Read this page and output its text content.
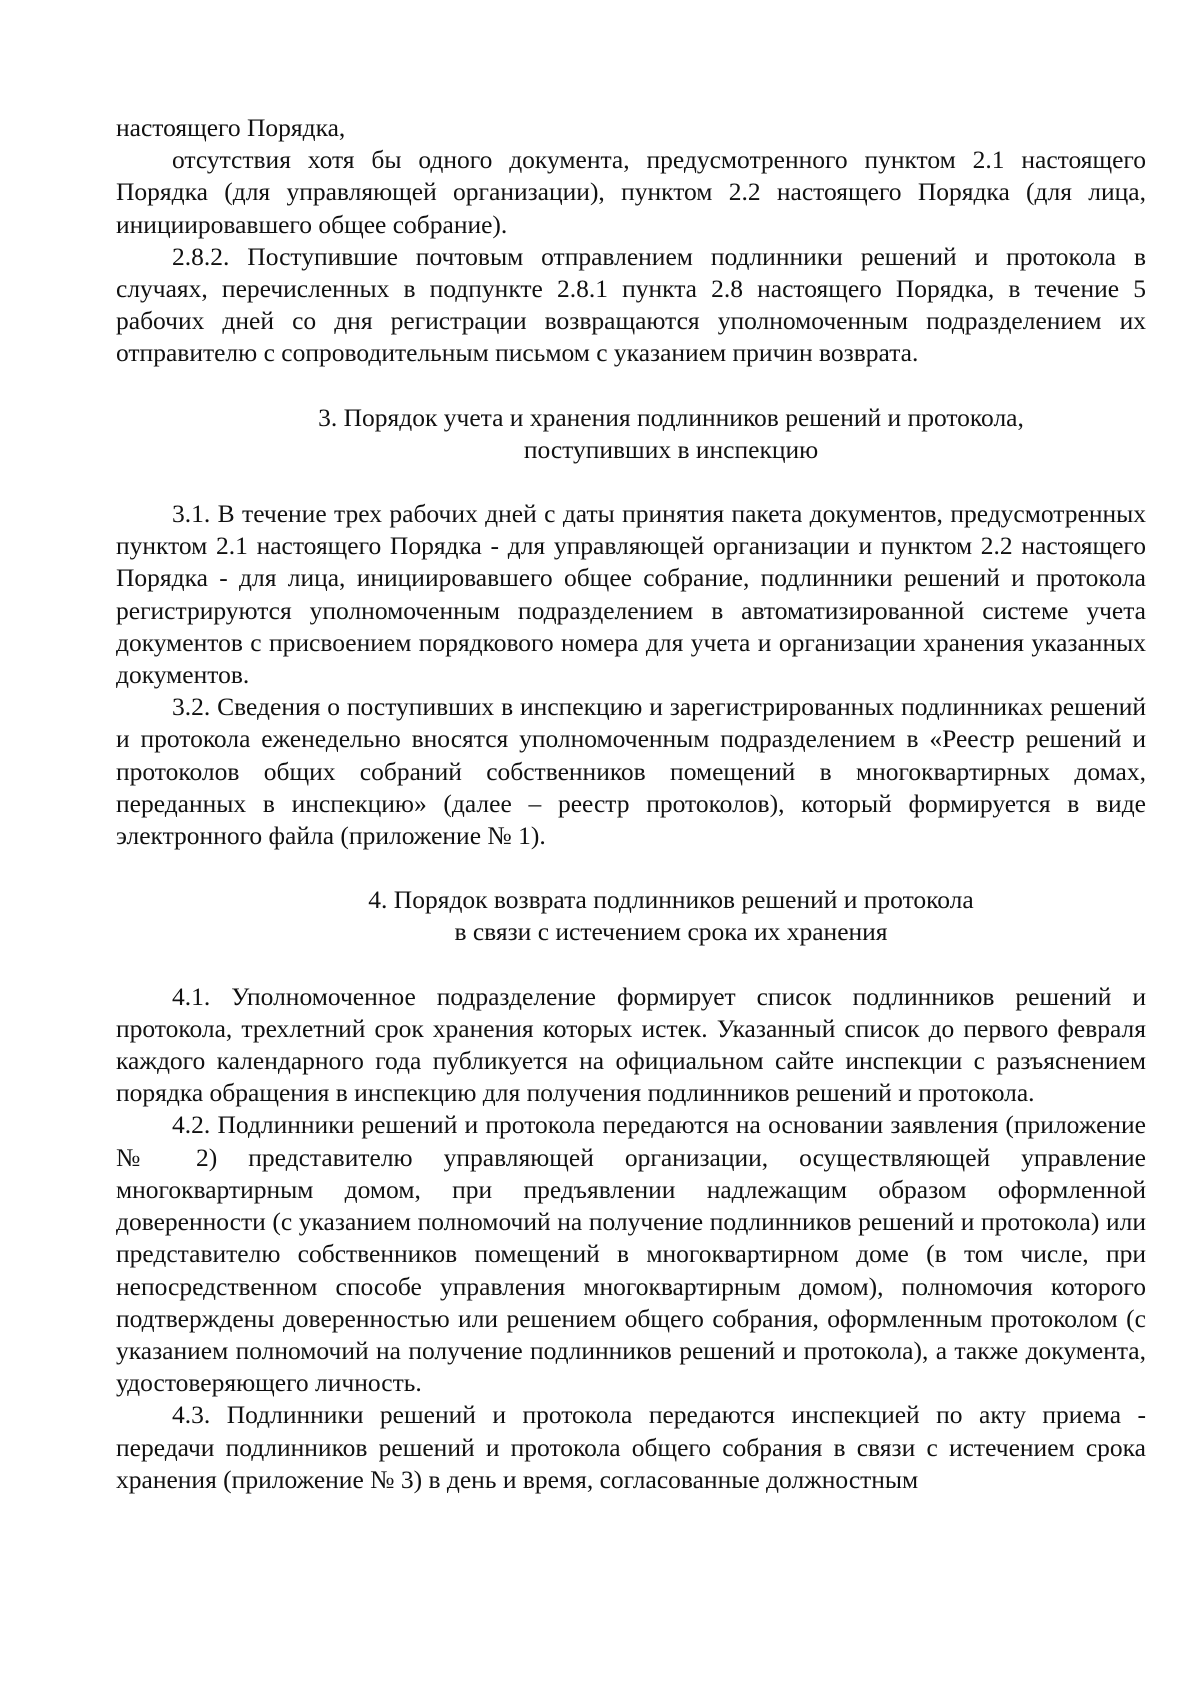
настоящего Порядка,

отсутствия хотя бы одного документа, предусмотренного пунктом 2.1 настоящего Порядка (для управляющей организации), пунктом 2.2 настоящего Порядка (для лица, инициировавшего общее собрание).

2.8.2. Поступившие почтовым отправлением подлинники решений и протокола в случаях, перечисленных в подпункте 2.8.1 пункта 2.8 настоящего Порядка, в течение 5 рабочих дней со дня регистрации возвращаются уполномоченным подразделением их отправителю с сопроводительным письмом с указанием причин возврата.

3. Порядок учета и хранения подлинников решений и протокола,
поступивших в инспекцию

3.1. В течение трех рабочих дней с даты принятия пакета документов, предусмотренных пунктом 2.1 настоящего Порядка - для управляющей организации и пунктом 2.2 настоящего Порядка - для лица, инициировавшего общее собрание, подлинники решений и протокола регистрируются уполномоченным подразделением в автоматизированной системе учета документов с присвоением порядкового номера для учета и организации хранения указанных документов.

3.2. Сведения о поступивших в инспекцию и зарегистрированных подлинниках решений и протокола еженедельно вносятся уполномоченным подразделением в «Реестр решений и протоколов общих собраний собственников помещений в многоквартирных домах, переданных в инспекцию» (далее – реестр протоколов), который формируется в виде электронного файла (приложение № 1).

4. Порядок возврата подлинников решений и протокола
в связи с истечением срока их хранения

4.1. Уполномоченное подразделение формирует список подлинников решений и протокола, трехлетний срок хранения которых истек. Указанный список до первого февраля каждого календарного года публикуется на официальном сайте инспекции с разъяснением порядка обращения в инспекцию для получения подлинников решений и протокола.

4.2. Подлинники решений и протокола передаются на основании заявления (приложение № 2) представителю управляющей организации, осуществляющей управление многоквартирным домом, при предъявлении надлежащим образом оформленной доверенности (с указанием полномочий на получение подлинников решений и протокола) или представителю собственников помещений в многоквартирном доме (в том числе, при непосредственном способе управления многоквартирным домом), полномочия которого подтверждены доверенностью или решением общего собрания, оформленным протоколом (с указанием полномочий на получение подлинников решений и протокола), а также документа, удостоверяющего личность.

4.3. Подлинники решений и протокола передаются инспекцией по акту приема - передачи подлинников решений и протокола общего собрания в связи с истечением срока хранения (приложение № 3) в день и время, согласованные должностным
